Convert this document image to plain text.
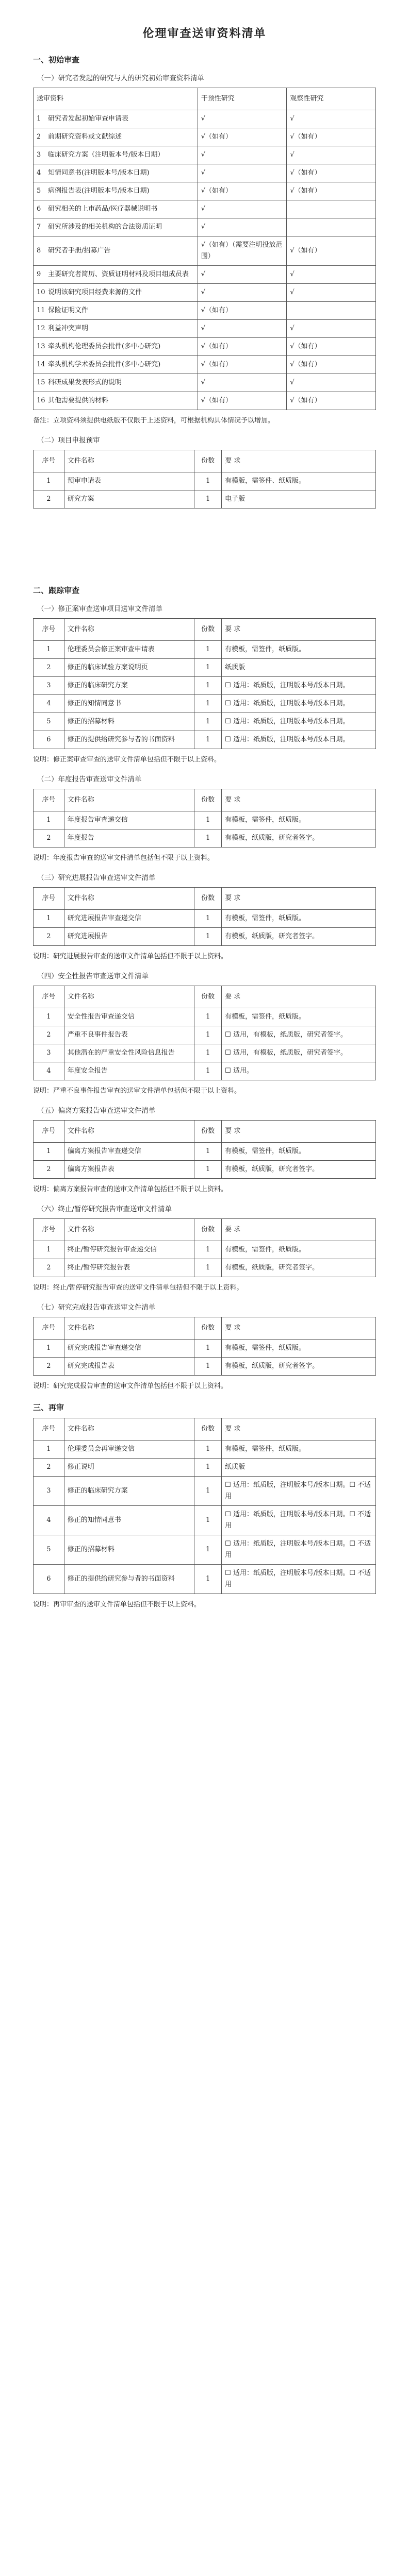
伦理审查送审资料清单
一、初始审查
（一）研究者发起的研究与人的研究初始审查资料清单
送审资料	干预性研究	观察性研究
1 研究者发起初始审查申请表	√	√
2 前期研究资料或文献综述	√（如有）	√（如有）
3 临床研究方案（注明版本号/版本日期）	√	√
4 知情同意书(注明版本号/版本日期)	√	√（如有）
5 病例报告表(注明版本号/版本日期)	√（如有）	√（如有）
6 研究相关的上市药品/医疗器械说明书	√	
7 研究所涉及的相关机构的合法资质证明	√	
8 研究者手册/招募广告	√（如有）（需要注明投放范围）	√（如有）
9 主要研究者简历、资质证明材料及项目组成员表	√	√
10 说明该研究项目经费来源的文件	√	√
11 保险证明文件	√（如有）	
12 利益冲突声明	√	√
13 牵头机构伦理委员会批件(多中心研究)	√（如有）	√（如有）
14 牵头机构学术委员会批件(多中心研究)	√（如有）	√（如有）
15 科研成果发表形式的说明	√	√
16 其他需要提供的材料	√（如有）	√（如有）
备注：立项资料须提供电纸版不仅限于上述资料，可根据机构具体情况予以增加。
（二）项目申报预审
序号	文件名称	份数	要 求
1	预审申请表	1	有模版，需签件、纸质版。
2	研究方案	1	电子版
二、跟踪审查
（一）修正案审查送审项目送审文件清单
序号	文件名称	份数	要 求
1	伦理委员会修正案审查申请表	1	有模板，需签件，纸质版。
2	修正的临床试验方案说明页	1	纸质版
3	修正的临床研究方案	1	☐ 适用：纸质版，注明版本号/版本日期。
4	修正的知情同意书	1	☐ 适用：纸质版，注明版本号/版本日期。
5	修正的招募材料	1	☐ 适用：纸质版，注明版本号/版本日期。
6	修正的提供给研究参与者的书面资料	1	☐ 适用：纸质版，注明版本号/版本日期。
说明：修正案审查审查的送审文件清单包括但不限于以上资料。
（二）年度报告审查送审文件清单
序号	文件名称	份数	要 求
1	年度报告审查递交信	1	有模板，需签件，纸质版。
2	年度报告	1	有模板，纸质版，研究者签字。
说明：年度报告审查的送审文件清单包括但不限于以上资料。
（三）研究进展报告审查送审文件清单
序号	文件名称	份数	要 求
1	研究进展报告审查递交信	1	有模板，需签件，纸质版。
2	研究进展报告	1	有模板，纸质版，研究者签字。
说明：研究进展报告审查的送审文件清单包括但不限于以上资料。
（四）安全性报告审查送审文件清单
序号	文件名称	份数	要 求
1	安全性报告审查递交信	1	有模板，需签件，纸质版。
2	严重不良事件报告表	1	☐ 适用，有模板，纸质版，研究者签字。
3	其他潜在的严重安全性风险信息报告	1	☐ 适用，有模板，纸质版，研究者签字。
4	年度安全报告	1	☐ 适用。
说明：严重不良事件报告审查的送审文件清单包括但不限于以上资料。
（五）偏离方案报告审查送审文件清单
序号	文件名称	份数	要 求
1	偏离方案报告审查递交信	1	有模板，需签件，纸质版。
2	偏离方案报告表	1	有模板，纸质版，研究者签字。
说明：偏离方案报告审查的送审文件清单包括但不限于以上资料。
（六）终止/暂停研究报告审查送审文件清单
序号	文件名称	份数	要 求
1	终止/暂停研究报告审查递交信	1	有模板，需签件，纸质版。
2	终止/暂停研究报告表	1	有模板，纸质版，研究者签字。
说明：终止/暂停研究报告审查的送审文件清单包括但不限于以上资料。
（七）研究完成报告审查送审文件清单
序号	文件名称	份数	要 求
1	研究完成报告审查递交信	1	有模板，需签件，纸质版。
2	研究完成报告表	1	有模板，纸质版，研究者签字。
说明：研究完成报告审查的送审文件清单包括但不限于以上资料。
三、再审
序号	文件名称	份数	要 求
1	伦理委员会再审递交信	1	有模板，需签件，纸质版。
2	修正说明	1	纸质版
3	修正的临床研究方案	1	☐ 适用：纸质版，注明版本号/版本日期。☐ 不适用
4	修正的知情同意书	1	☐ 适用：纸质版，注明版本号/版本日期。☐ 不适用
5	修正的招募材料	1	☐ 适用：纸质版，注明版本号/版本日期。☐ 不适用
6	修正的提供给研究参与者的书面资料	1	☐ 适用：纸质版，注明版本号/版本日期。☐ 不适用
说明：再审审查的送审文件清单包括但不限于以上资料。
